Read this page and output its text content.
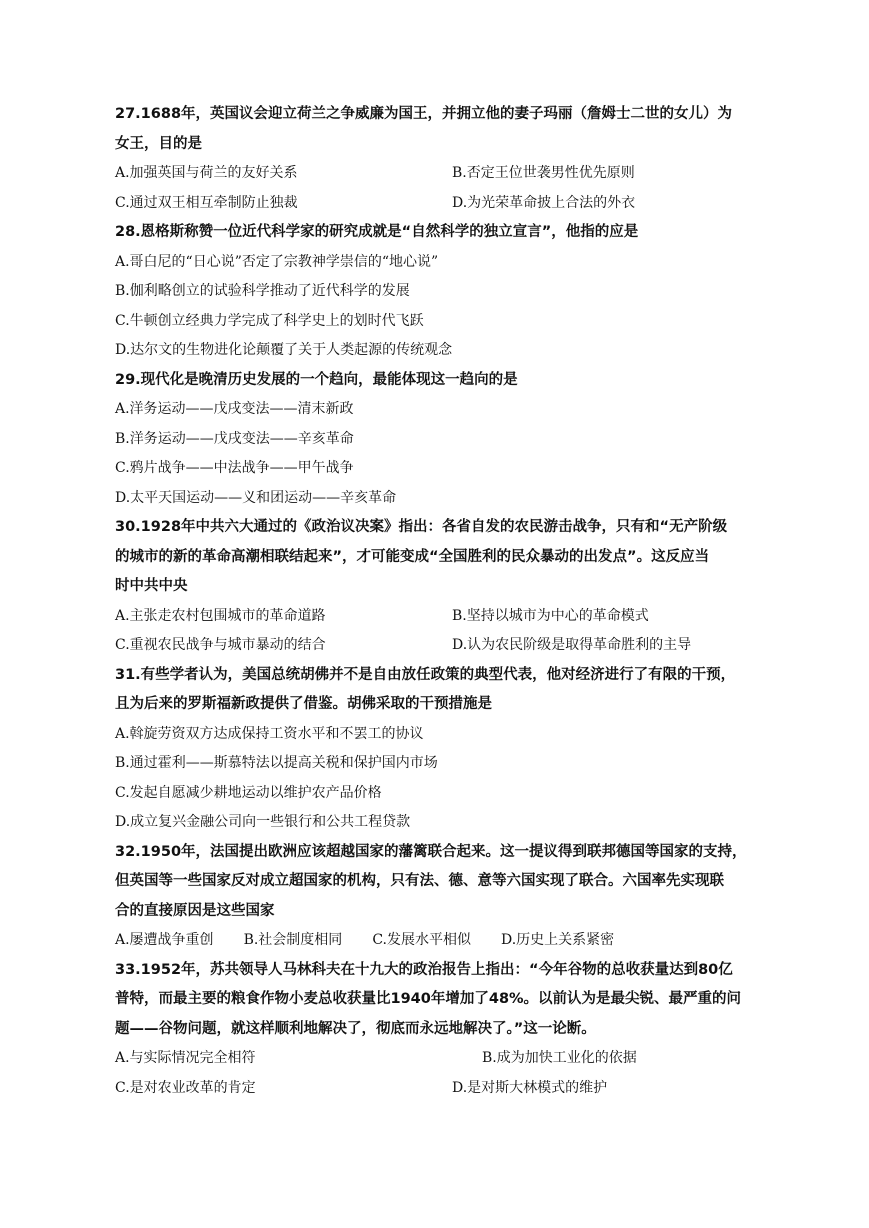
27.1688年，英国议会迎立荷兰之争威廉为国王，并拥立他的妻子玛丽（詹姆士二世的女儿）为
女王，目的是
A.加强英国与荷兰的友好关系	B.否定王位世袭男性优先原则
C.通过双王相互牵制防止独裁	D.为光荣革命披上合法的外衣
28.恩格斯称赞一位近代科学家的研究成就是“自然科学的独立宣言”，他指的应是
A.哥白尼的“日心说”否定了宗教神学崇信的“地心说”
B.伽利略创立的试验科学推动了近代科学的发展
C.牛顿创立经典力学完成了科学史上的划时代飞跃
D.达尔文的生物进化论颠覆了关于人类起源的传统观念
29.现代化是晚清历史发展的一个趋向，最能体现这一趋向的是
A.洋务运动——戊戌变法——清末新政
B.洋务运动——戊戌变法——辛亥革命
C.鸦片战争——中法战争——甲午战争
D.太平天国运动——义和团运动——辛亥革命
30.1928年中共六大通过的《政治议决案》指出：各省自发的农民游击战争，只有和“无产阶级
的城市的新的革命高潮相联结起来”，才可能变成“全国胜利的民众暴动的出发点”。这反应当
时中共中央
A.主张走农村包围城市的革命道路	B.坚持以城市为中心的革命模式
C.重视农民战争与城市暴动的结合	D.认为农民阶级是取得革命胜利的主导
31.有些学者认为，美国总统胡佛并不是自由放任政策的典型代表，他对经济进行了有限的干预，
且为后来的罗斯福新政提供了借鉴。胡佛采取的干预措施是
A.斡旋劳资双方达成保持工资水平和不罢工的协议
B.通过霍利——斯慕特法以提高关税和保护国内市场
C.发起自愿减少耕地运动以维护农产品价格
D.成立复兴金融公司向一些银行和公共工程贷款
32.1950年，法国提出欧洲应该超越国家的藩篱联合起来。这一提议得到联邦德国等国家的支持，
但英国等一些国家反对成立超国家的机构，只有法、德、意等六国实现了联合。六国率先实现联
合的直接原因是这些国家
A.屡遭战争重创 B.社会制度相同 C.发展水平相似 D.历史上关系紧密
33.1952年，苏共领导人马林科夫在十九大的政治报告上指出：“今年谷物的总收获量达到80亿
普特，而最主要的粮食作物小麦总收获量比1940年增加了48%。以前认为是最尖锐、最严重的问
题——谷物问题，就这样顺利地解决了，彻底而永远地解决了。”这一论断。
A.与实际情况完全相符	B.成为加快工业化的依据
C.是对农业改革的肯定	D.是对斯大林模式的维护
